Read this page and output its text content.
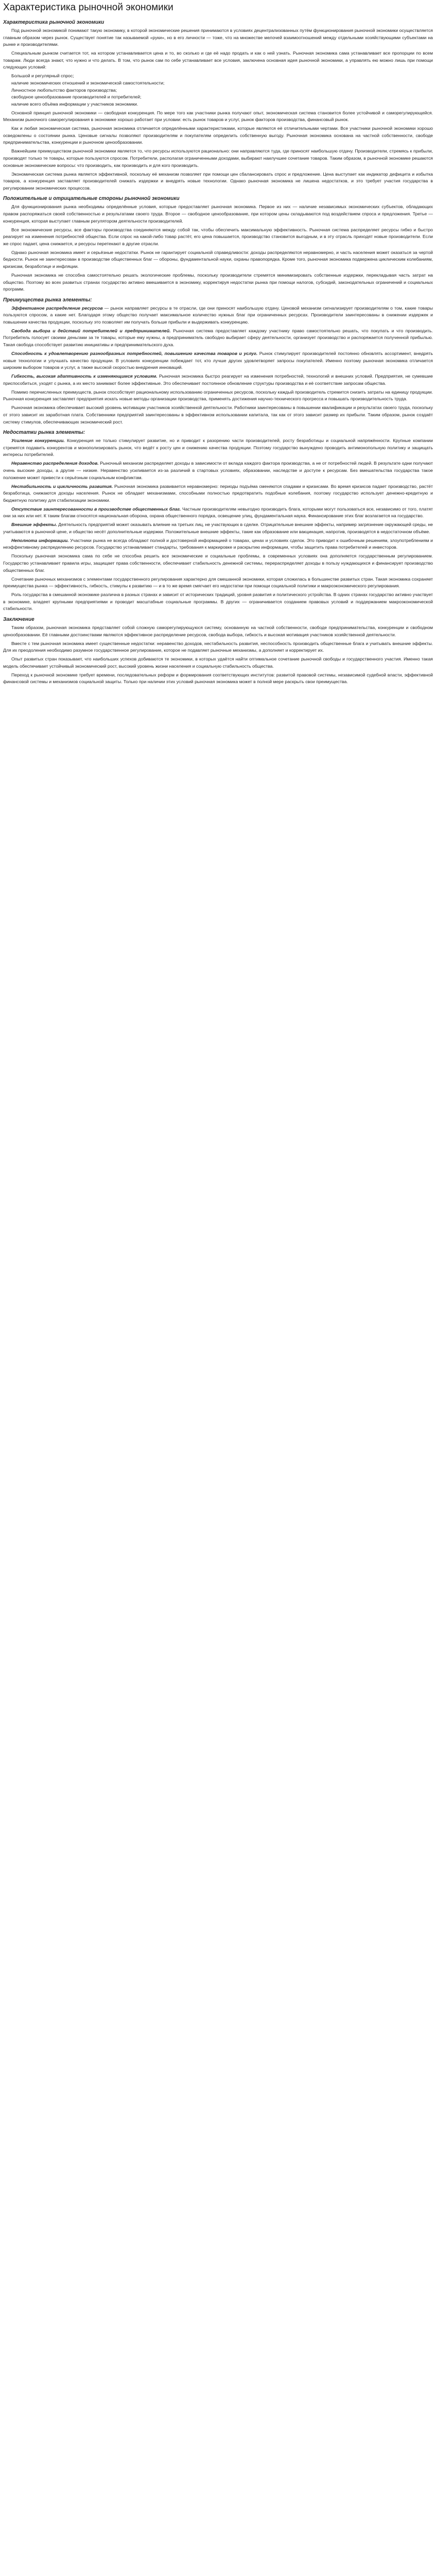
Характеристика рыночной экономики
Характеристика рыночной экономики

Под рыночной экономикой понимают такую экономику, в которой экономические решения принимаются в условиях децентрализованных путём функционирования рыночной экономики осуществляется главным образом через рынок. Существует понятие так называемой «руки», но в его личности — тоже, что на множестве мелочей взаимоотношений между отдельными хозяйствующими субъектами на рынке и производителями.

Специальным рынком считается тот, на котором устанавливается цена и то, во сколько и где её надо продать и как о ней узнать. Рыночная экономика сама устанавливает все пропорции по всем товарам. Люди всегда знают, что нужно и что делать. В том, что рынок сам по себе устанавливает все условия, заключена основная идея рыночной экономики, а управлять ею можно лишь при помощи следующих условий:

Большой и регулярный спрос;
наличие экономических отношений и экономической самостоятельности;
Личностное любопытство факторов производства;
свободное ценообразование производителей и потребителей;
наличие всего объёма информации у участников экономики.

Основной принцип рыночной экономики — свободная конкуренция. По мере того как участники рынка получают опыт, экономическая система становится более устойчивой и саморегулирующейся. Механизм рыночного саморегулирования в экономике хорошо работает при условии: есть рынок товаров и услуг, рынок факторов производства, финансовый рынок.

Как и любая экономическая система, рыночная экономика отличается определёнными характеристиками, которые являются её отличительными чертами. Все участники рыночной экономики хорошо осведомлены о состоянии рынка. Ценовые сигналы позволяют производителям и покупателям определить собственную выгоду. Рыночная экономика основана на частной собственности, свободе предпринимательства, конкуренции и рыночном ценообразовании.

Важнейшим преимуществом рыночной экономики является то, что ресурсы используются рационально: они направляются туда, где приносят наибольшую отдачу. Производители, стремясь к прибыли, производят только те товары, которые пользуются спросом. Потребители, располагая ограниченными доходами, выбирают наилучшее сочетание товаров. Таким образом, в рыночной экономике решаются основные экономические вопросы: что производить, как производить и для кого производить.

Экономическая система рынка является эффективной, поскольку её механизм позволяет при помощи цен сбалансировать спрос и предложение. Цена выступает как индикатор дефицита и избытка товаров, а конкуренция заставляет производителей снижать издержки и внедрять новые технологии. Однако рыночная экономика не лишена недостатков, и это требует участия государства в регулировании экономических процессов.

Положительные и отрицательные стороны рыночной экономики

Для функционирования рынка необходимы определённые условия, которые предоставляет рыночная экономика. Первое из них — наличие независимых экономических субъектов, обладающих правом распоряжаться своей собственностью и результатами своего труда. Второе — свободное ценообразование, при котором цены складываются под воздействием спроса и предложения. Третье — конкуренция, которая выступает главным регулятором деятельности производителей.

Все экономические ресурсы, все факторы производства соединяются между собой так, чтобы обеспечить максимальную эффективность. Рыночная система распределяет ресурсы гибко и быстро реагирует на изменения потребностей общества. Если спрос на какой-либо товар растёт, его цена повышается, производство становится выгодным, и в эту отрасль приходят новые производители. Если же спрос падает, цена снижается, и ресурсы перетекают в другие отрасли.

Однако рыночная экономика имеет и серьёзные недостатки. Рынок не гарантирует социальной справедливости: доходы распределяются неравномерно, и часть населения может оказаться за чертой бедности. Рынок не заинтересован в производстве общественных благ — обороны, фундаментальной науки, охраны правопорядка. Кроме того, рыночная экономика подвержена циклическим колебаниям, кризисам, безработице и инфляции.

Рыночная экономика не способна самостоятельно решать экологические проблемы, поскольку производители стремятся минимизировать собственные издержки, перекладывая часть затрат на общество. Поэтому во всех развитых странах государство активно вмешивается в экономику, корректируя недостатки рынка при помощи налогов, субсидий, законодательных ограничений и социальных программ.

Преимущества рынка элементы:

Эффективное распределение ресурсов — рынок направляет ресурсы в те отрасли, где они приносят наибольшую отдачу. Ценовой механизм сигнализирует производителям о том, какие товары пользуются спросом, а какие нет. Благодаря этому общество получает максимальное количество нужных благ при ограниченных ресурсах. Производители заинтересованы в снижении издержек и повышении качества продукции, поскольку это позволяет им получать больше прибыли и выдерживать конкуренцию.

Свобода выбора и действий потребителей и предпринимателей. Рыночная система предоставляет каждому участнику право самостоятельно решать, что покупать и что производить. Потребитель голосует своими деньгами за те товары, которые ему нужны, а предприниматель свободно выбирает сферу деятельности, организует производство и распоряжается полученной прибылью. Такая свобода способствует развитию инициативы и предпринимательского духа.

Способность к удовлетворению разнообразных потребностей, повышению качества товаров и услуг. Рынок стимулирует производителей постоянно обновлять ассортимент, внедрять новые технологии и улучшать качество продукции. В условиях конкуренции побеждает тот, кто лучше других удовлетворяет запросы покупателей. Именно поэтому рыночная экономика отличается широким выбором товаров и услуг, а также высокой скоростью внедрения инноваций.

Гибкость, высокая адаптивность к изменяющимся условиям. Рыночная экономика быстро реагирует на изменения потребностей, технологий и внешних условий. Предприятия, не сумевшие приспособиться, уходят с рынка, а их место занимают более эффективные. Это обеспечивает постоянное обновление структуры производства и её соответствие запросам общества.

Помимо перечисленных преимуществ, рынок способствует рациональному использованию ограниченных ресурсов, поскольку каждый производитель стремится снизить затраты на единицу продукции. Рыночная конкуренция заставляет предприятия искать новые методы организации производства, применять достижения научно-технического прогресса и повышать производительность труда.

Рыночная экономика обеспечивает высокий уровень мотивации участников хозяйственной деятельности. Работники заинтересованы в повышении квалификации и результатах своего труда, поскольку от этого зависит их заработная плата. Собственники предприятий заинтересованы в эффективном использовании капитала, так как от этого зависит размер их прибыли. Таким образом, рынок создаёт систему стимулов, обеспечивающих экономический рост.

Недостатки рынка элементы:

Усиление конкуренции. Конкуренция не только стимулирует развитие, но и приводит к разорению части производителей, росту безработицы и социальной напряжённости. Крупные компании стремятся подавить конкурентов и монополизировать рынок, что ведёт к росту цен и снижению качества продукции. Поэтому государство вынуждено проводить антимонопольную политику и защищать интересы потребителей.

Неравенство распределения доходов. Рыночный механизм распределяет доходы в зависимости от вклада каждого фактора производства, а не от потребностей людей. В результате одни получают очень высокие доходы, а другие — низкие. Неравенство усиливается из-за различий в стартовых условиях, образовании, наследстве и доступе к ресурсам. Без вмешательства государства такое положение может привести к серьёзным социальным конфликтам.

Нестабильность и цикличность развития. Рыночная экономика развивается неравномерно: периоды подъёма сменяются спадами и кризисами. Во время кризисов падает производство, растёт безработица, снижаются доходы населения. Рынок не обладает механизмами, способными полностью предотвратить подобные колебания, поэтому государство использует денежно-кредитную и бюджетную политику для стабилизации экономики.

Отсутствие заинтересованности в производстве общественных благ. Частным производителям невыгодно производить блага, которыми могут пользоваться все, независимо от того, платят они за них или нет. К таким благам относятся национальная оборона, охрана общественного порядка, освещение улиц, фундаментальная наука. Финансирование этих благ возлагается на государство.

Внешние эффекты. Деятельность предприятий может оказывать влияние на третьих лиц, не участвующих в сделке. Отрицательные внешние эффекты, например загрязнение окружающей среды, не учитываются в рыночной цене, и общество несёт дополнительные издержки. Положительные внешние эффекты, такие как образование или вакцинация, напротив, производятся в недостаточном объёме.

Неполнота информации. Участники рынка не всегда обладают полной и достоверной информацией о товарах, ценах и условиях сделок. Это приводит к ошибочным решениям, злоупотреблениям и неэффективному распределению ресурсов. Государство устанавливает стандарты, требования к маркировке и раскрытию информации, чтобы защитить права потребителей и инвесторов.

Поскольку рыночная экономика сама по себе не способна решить все экономические и социальные проблемы, в современных условиях она дополняется государственным регулированием. Государство устанавливает правила игры, защищает права собственности, обеспечивает стабильность денежной системы, перераспределяет доходы в пользу нуждающихся и финансирует производство общественных благ.

Сочетание рыночных механизмов с элементами государственного регулирования характерно для смешанной экономики, которая сложилась в большинстве развитых стран. Такая экономика сохраняет преимущества рынка — эффективность, гибкость, стимулы к развитию — и в то же время смягчает его недостатки при помощи социальной политики и макроэкономического регулирования.

Роль государства в смешанной экономике различна в разных странах и зависит от исторических традиций, уровня развития и политического устройства. В одних странах государство активно участвует в экономике, владеет крупными предприятиями и проводит масштабные социальные программы. В других — ограничивается созданием правовых условий и поддержанием макроэкономической стабильности.

Заключение

Таким образом, рыночная экономика представляет собой сложную саморегулирующуюся систему, основанную на частной собственности, свободе предпринимательства, конкуренции и свободном ценообразовании. Её главными достоинствами являются эффективное распределение ресурсов, свобода выбора, гибкость и высокая мотивация участников хозяйственной деятельности.

Вместе с тем рыночная экономика имеет существенные недостатки: неравенство доходов, нестабильность развития, неспособность производить общественные блага и учитывать внешние эффекты. Для их преодоления необходимо разумное государственное регулирование, которое не подавляет рыночные механизмы, а дополняет и корректирует их.

Опыт развитых стран показывает, что наибольших успехов добиваются те экономики, в которых удаётся найти оптимальное сочетание рыночной свободы и государственного участия. Именно такая модель обеспечивает устойчивый экономический рост, высокий уровень жизни населения и социальную стабильность общества.

Переход к рыночной экономике требует времени, последовательных реформ и формирования соответствующих институтов: развитой правовой системы, независимой судебной власти, эффективной финансовой системы и механизмов социальной защиты. Только при наличии этих условий рыночная экономика может в полной мере раскрыть свои преимущества.
